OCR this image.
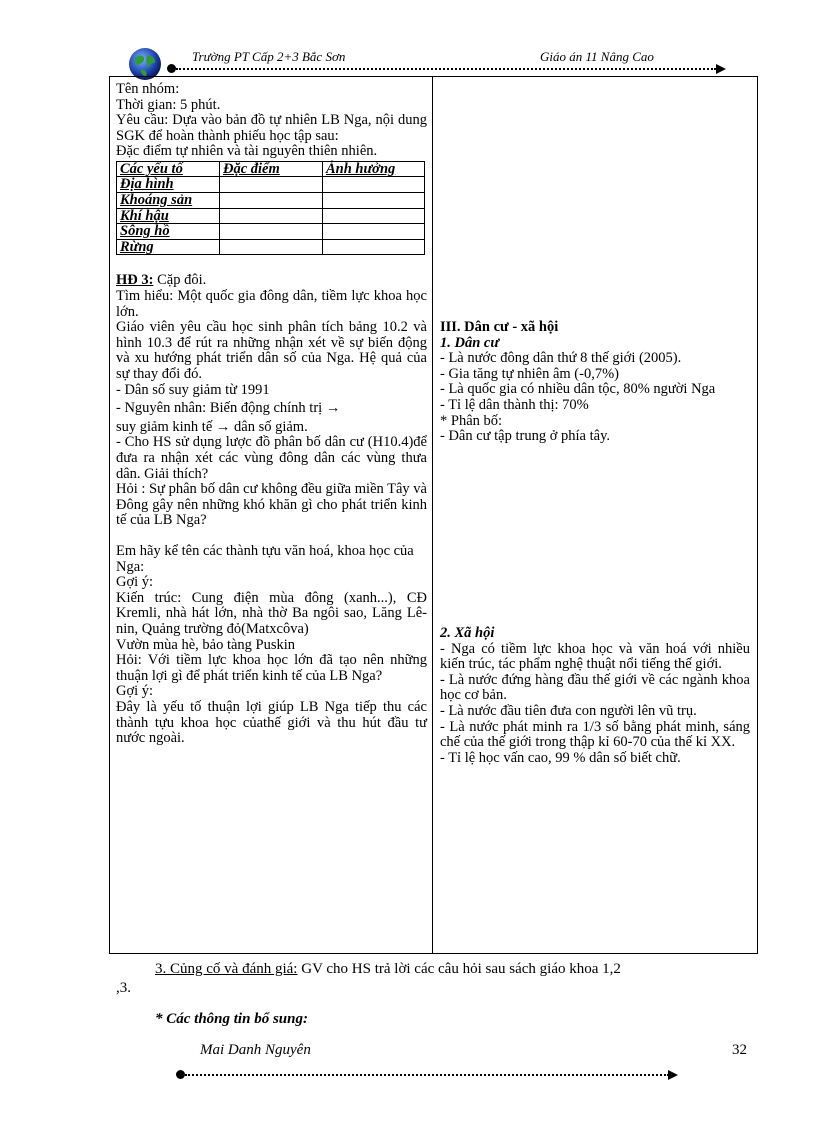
Trường PT Cấp 2+3 Bắc Sơn	Giáo án 11 Nâng Cao

Tên nhóm:

Thời gian: 5 phút.

Yêu cầu: Dựa vào bản đồ tự nhiên LB Nga, nội dung SGK để hoàn thành phiếu học tập sau:

Đặc điểm tự nhiên và tài nguyên thiên nhiên.

Các yếu tố	Đặc điểm	Ảnh hưởng
Địa hình		
Khoáng sản		
Khí hậu		
Sông hồ		
Rừng		

HĐ 3: Cặp đôi.

Tìm hiểu: Một quốc gia đông dân, tiềm lực khoa học lớn.

Giáo viên yêu cầu học sinh phân tích bảng 10.2 và hình 10.3 để rút ra những nhận xét về sự biến động và xu hướng phát triển dân số của Nga. Hệ quả của sự thay đổi đó.

- Dân số suy giảm từ 1991

- Nguyên nhân: Biến động chính trị →

suy giảm kinh tế → dân số giảm.

- Cho HS sử dụng lược đồ phân bố dân cư (H10.4)để đưa ra nhận xét các vùng đông dân các vùng thưa dân. Giải thích?

Hỏi : Sự phân bố dân cư không đều giữa miền Tây và Đông gây nên những khó khăn gì cho phát triển kinh tế của LB Nga?

Em hãy kể tên các thành tựu văn hoá, khoa học của

Nga:

Gợi ý:

Kiến trúc: Cung điện mùa đông (xanh...), CĐ Kremli, nhà hát lớn, nhà thờ Ba ngôi sao, Lăng Lê- nin, Quảng trường đỏ(Matxcôva)

Vườn mùa hè, bảo tàng Puskin

Hỏi: Với tiềm lực khoa học lớn đã tạo nên những thuận lợi gì để phát triển kinh tế của LB Nga?

Gợi ý:

Đây là yếu tố thuận lợi giúp LB Nga tiếp thu các thành tựu khoa học củathế giới và thu hút đầu tư nước ngoài.

III. Dân cư - xã hội

1. Dân cư

- Là nước đông dân thứ 8 thế giới (2005).

- Gia tăng tự nhiên âm (-0,7%)

- Là quốc gia có nhiều dân tộc, 80% người Nga

- Tỉ lệ dân thành thị: 70%

* Phân bố:

- Dân cư tập trung ở phía tây.

2. Xã hội

- Nga có tiềm lực khoa học và văn hoá với nhiều kiến trúc, tác phẩm nghệ thuật nổi tiếng thế giới.

- Là nước đứng hàng đầu thế giới về các ngành khoa học cơ bản.

- Là nước đầu tiên đưa con người lên vũ trụ.

- Là nước phát minh ra 1/3 số bằng phát minh, sáng chế của thế giới trong thập kỉ 60-70 của thế kỉ XX.

- Tỉ lệ học vấn cao, 99 % dân số biết chữ.

3. Củng cố và đánh giá: GV cho HS trả lời các câu hỏi sau sách giáo khoa 1,2
,3.
* Các thông tin bổ sung:
Mai Danh Nguyên	32
